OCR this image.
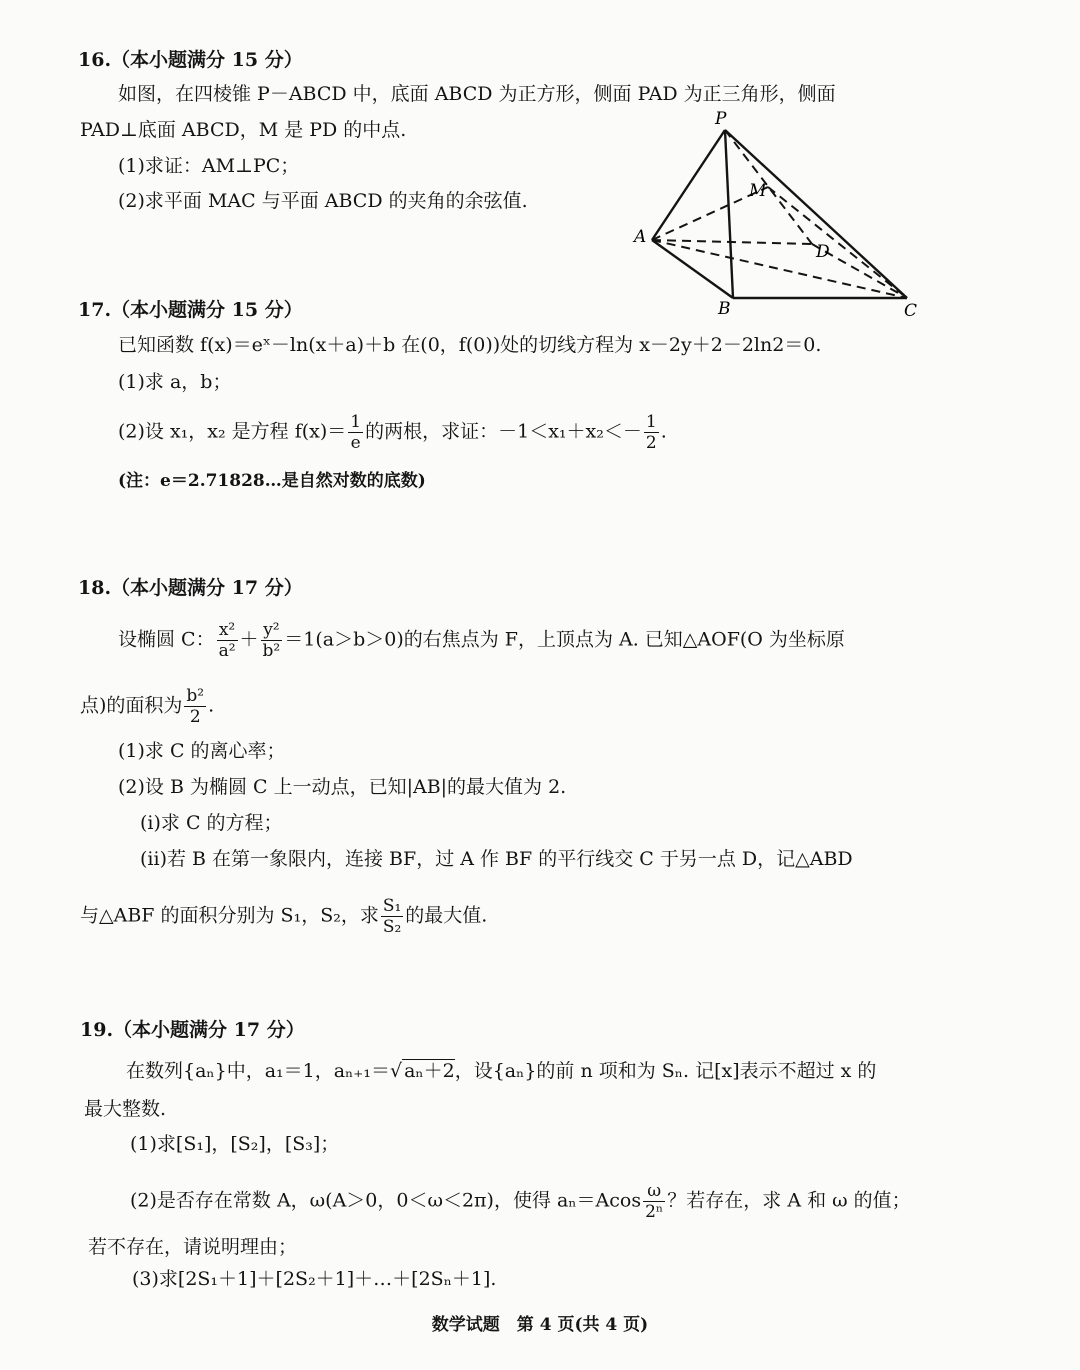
16.（本小题满分 15 分）
如图，在四棱锥 P－ABCD 中，底面 ABCD 为正方形，侧面 PAD 为正三角形，侧面
PAD⊥底面 ABCD，M 是 PD 的中点.
(1)求证：AM⊥PC；
(2)求平面 MAC 与平面 ABCD 的夹角的余弦值.
P
M
A
D
B	C
17.（本小题满分 15 分）
已知函数 f(x)＝eˣ－ln(x＋a)＋b 在(0，f(0))处的切线方程为 x－2y＋2－2ln2＝0.
(1)求 a，b；
(2)设 x₁，x₂ 是方程 $f(x)= \frac{1}{e}$ 的两根，求证：$-1<x_1+x_2<- \frac{1}{2}$ .
(注：e＝2.71828…是自然对数的底数)
18.（本小题满分 17 分）
设椭圆 C： $\frac{\text{x²}}{\text{a²}} + \frac{\text{y²}}{\text{b²}} =1(a>b>0)$的右焦点为 F，上顶点为 A. 已知△AOF(O 为坐标原
点)的面积为 $\frac{\text{b²}}{2}$ .
(1)求 C 的离心率；
(2)设 B 为椭圆 C 上一动点，已知|AB|的最大值为 2.
(i)求 C 的方程；
(ii)若 B 在第一象限内，连接 BF，过 A 作 BF 的平行线交 C 于另一点 D，记△ABD
与△ABF 的面积分别为 S₁，S₂，求 $\frac{\text{S₁}}{\text{S₂}}$ 的最大值.
19.（本小题满分 17 分）
在数列{aₙ}中，a₁＝1，aₙ₊₁＝√ aₙ＋2，设{aₙ}的前 n 项和为 Sₙ. 记[x]表示不超过 x 的
最大整数.
(1)求[S₁]，[S₂]，[S₃]；
(2)是否存在常数 A，ω(A＞0，0＜ω＜2π)，使得 $a_n=Acos \frac{\omega}{\text{2ⁿ}}$ ？若存在，求 A 和 ω 的值；
若不存在，请说明理由；
(3)求[2S₁＋1]＋[2S₂＋1]＋…＋[2Sₙ＋1].
数学试题　第 4 页(共 4 页)
